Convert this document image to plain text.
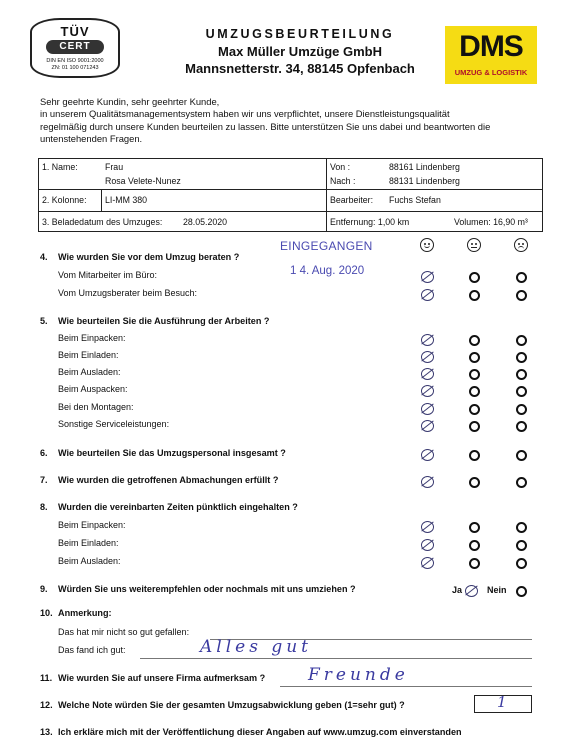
TÜV
CERT
DIN EN ISO 9001:2000
ZN: 01 100 071243
UMZUGSBEURTEILUNG
Max Müller Umzüge GmbH
Mannsnetterstr. 34, 88145 Opfenbach
DMS
UMZUG & LOGISTIK
Sehr geehrte Kundin, sehr geehrter Kunde,
in unserem Qualitätsmanagementsystem haben wir uns verpflichtet, unsere Dienstleistungsqualität
regelmäßig durch unsere Kunden beurteilen zu lassen. Bitte unterstützen Sie uns dabei und beantworten die
untenstehenden Fragen.
1. Name:	Frau
Rosa Velete-Nunez
Von :	88161 Lindenberg
Nach :	88131 Lindenberg
2. Kolonne: LI-MM 380	Bearbeiter: Fuchs Stefan
3. Beladedatum des Umzuges: 28.05.2020	Entfernung: 1,00 km	Volumen: 16,90 m³
EINGEGANGEN
1 4. Aug. 2020
4. Wie wurden Sie vor dem Umzug beraten ?
Vom Mitarbeiter im Büro:
Vom Umzugsberater beim Besuch:
5. Wie beurteilen Sie die Ausführung der Arbeiten ?
Beim Einpacken:
Beim Einladen:
Beim Ausladen:
Beim Auspacken:
Bei den Montagen:
Sonstige Serviceleistungen:
6. Wie beurteilen Sie das Umzugspersonal insgesamt ?
7. Wie wurden die getroffenen Abmachungen erfüllt ?
8. Wurden die vereinbarten Zeiten pünktlich eingehalten ?
Beim Einpacken:
Beim Einladen:
Beim Ausladen:
9. Würden Sie uns weiterempfehlen oder nochmals mit uns umziehen ?	Ja	Nein
10. Anmerkung:
Das hat mir nicht so gut gefallen:
Das fand ich gut:	Alles gut
11. Wie wurden Sie auf unsere Firma aufmerksam ?	Freunde
12. Welche Note würden Sie der gesamten Umzugsabwicklung geben (1=sehr gut) ?	1
13. Ich erkläre mich mit der Veröffentlichung dieser Angaben auf www.umzug.com einverstanden
